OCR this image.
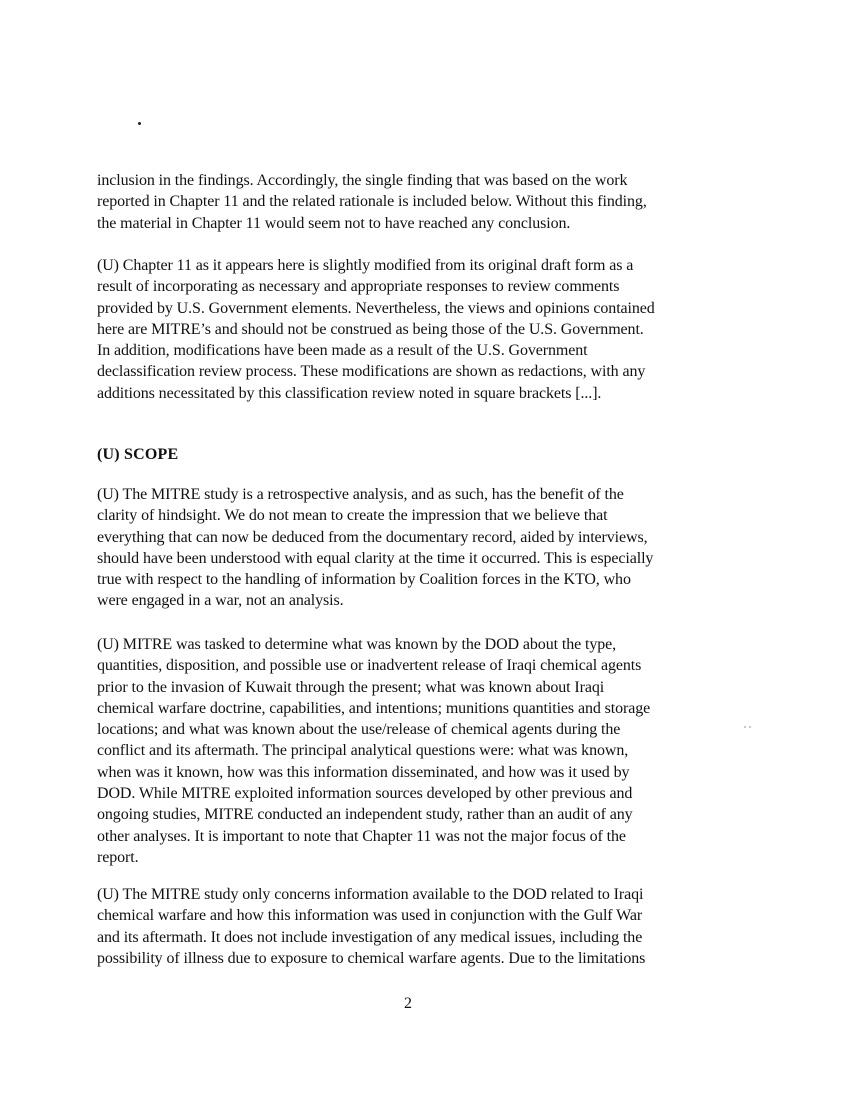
inclusion in the findings. Accordingly, the single finding that was based on the work
reported in Chapter 11 and the related rationale is included below. Without this finding,
the material in Chapter 11 would seem not to have reached any conclusion.
(U) Chapter 11 as it appears here is slightly modified from its original draft form as a
result of incorporating as necessary and appropriate responses to review comments
provided by U.S. Government elements. Nevertheless, the views and opinions contained
here are MITRE’s and should not be construed as being those of the U.S. Government.
In addition, modifications have been made as a result of the U.S. Government
declassification review process. These modifications are shown as redactions, with any
additions necessitated by this classification review noted in square brackets [...].
(U) SCOPE
(U) The MITRE study is a retrospective analysis, and as such, has the benefit of the
clarity of hindsight. We do not mean to create the impression that we believe that
everything that can now be deduced from the documentary record, aided by interviews,
should have been understood with equal clarity at the time it occurred. This is especially
true with respect to the handling of information by Coalition forces in the KTO, who
were engaged in a war, not an analysis.
(U) MITRE was tasked to determine what was known by the DOD about the type,
quantities, disposition, and possible use or inadvertent release of Iraqi chemical agents
prior to the invasion of Kuwait through the present; what was known about Iraqi
chemical warfare doctrine, capabilities, and intentions; munitions quantities and storage
locations; and what was known about the use/release of chemical agents during the
conflict and its aftermath. The principal analytical questions were: what was known,
when was it known, how was this information disseminated, and how was it used by
DOD. While MITRE exploited information sources developed by other previous and
ongoing studies, MITRE conducted an independent study, rather than an audit of any
other analyses. It is important to note that Chapter 11 was not the major focus of the
report.
(U) The MITRE study only concerns information available to the DOD related to Iraqi
chemical warfare and how this information was used in conjunction with the Gulf War
and its aftermath. It does not include investigation of any medical issues, including the
possibility of illness due to exposure to chemical warfare agents. Due to the limitations
2
